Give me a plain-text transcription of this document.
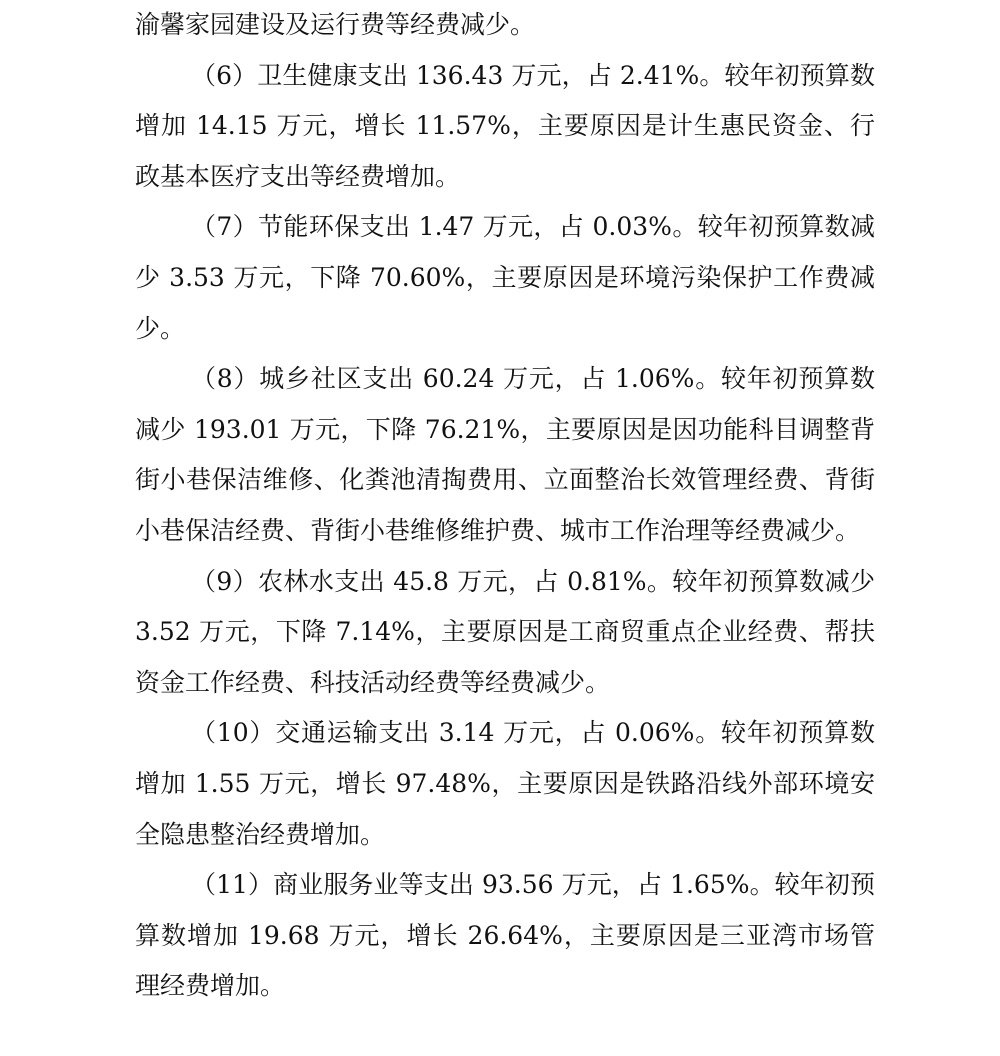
渝馨家园建设及运行费等经费减少。

（6）卫生健康支出 136.43 万元，占 2.41%。较年初预算数增加 14.15 万元，增长 11.57%，主要原因是计生惠民资金、行政基本医疗支出等经费增加。

（7）节能环保支出 1.47 万元，占 0.03%。较年初预算数减少 3.53 万元，下降 70.60%，主要原因是环境污染保护工作费减少。

（8）城乡社区支出 60.24 万元，占 1.06%。较年初预算数减少 193.01 万元，下降 76.21%，主要原因是因功能科目调整背街小巷保洁维修、化粪池清掏费用、立面整治长效管理经费、背街小巷保洁经费、背街小巷维修维护费、城市工作治理等经费减少。

（9）农林水支出 45.8 万元，占 0.81%。较年初预算数减少 3.52 万元，下降 7.14%，主要原因是工商贸重点企业经费、帮扶资金工作经费、科技活动经费等经费减少。

（10）交通运输支出 3.14 万元，占 0.06%。较年初预算数增加 1.55 万元，增长 97.48%，主要原因是铁路沿线外部环境安全隐患整治经费增加。

（11）商业服务业等支出 93.56 万元，占 1.65%。较年初预算数增加 19.68 万元，增长 26.64%，主要原因是三亚湾市场管理经费增加。
